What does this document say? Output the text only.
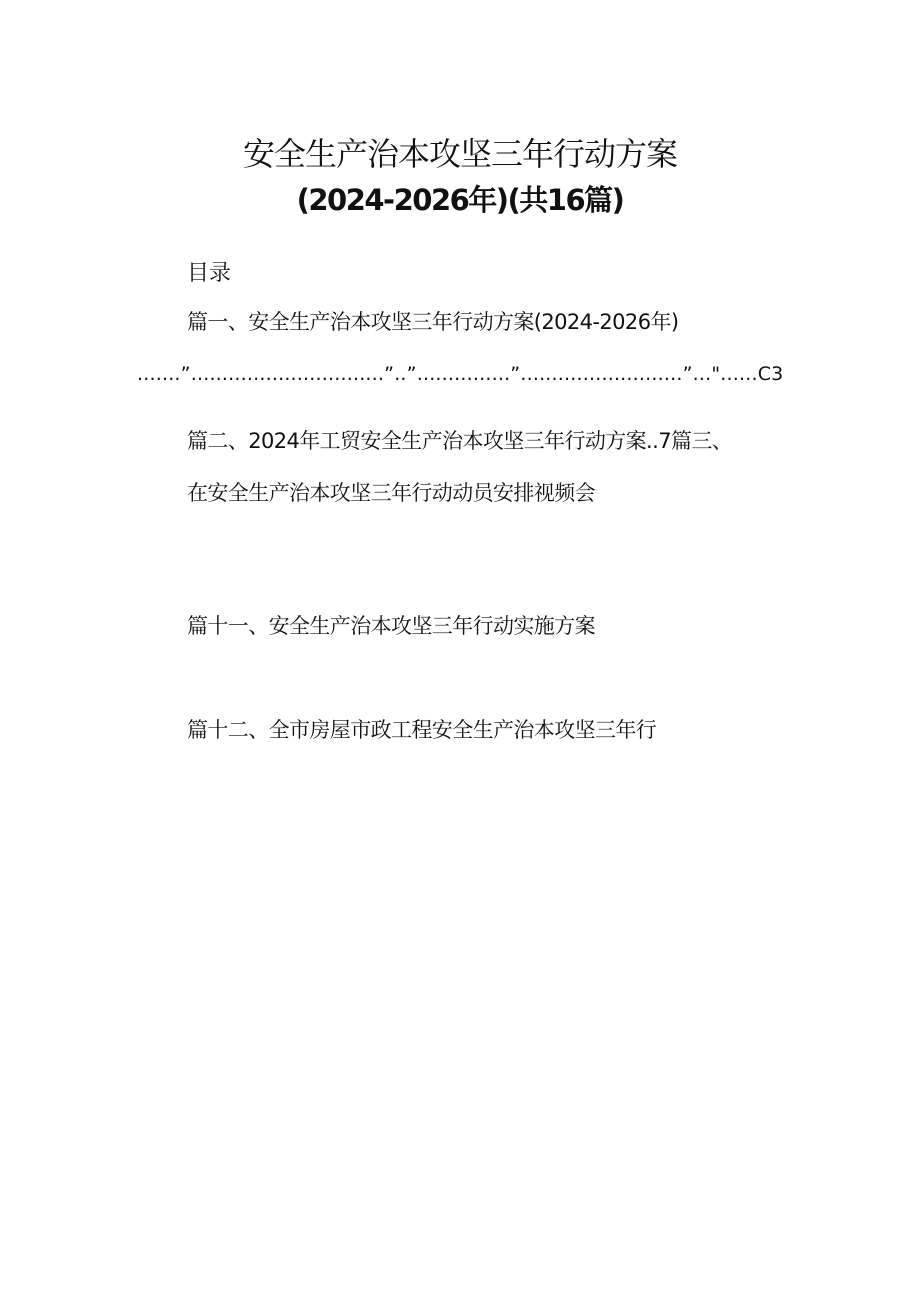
安全生产治本攻坚三年行动方案
(2024-2026年)(共16篇)
目录
篇一、安全生产治本攻坚三年行动方案(2024-2026年)
.......”...............................”..”...............”..........................”..."......C3
篇二、2024年工贸安全生产治本攻坚三年行动方案..7篇三、
在安全生产治本攻坚三年行动动员安排视频会
篇十一、安全生产治本攻坚三年行动实施方案
篇十二、全市房屋市政工程安全生产治本攻坚三年行
